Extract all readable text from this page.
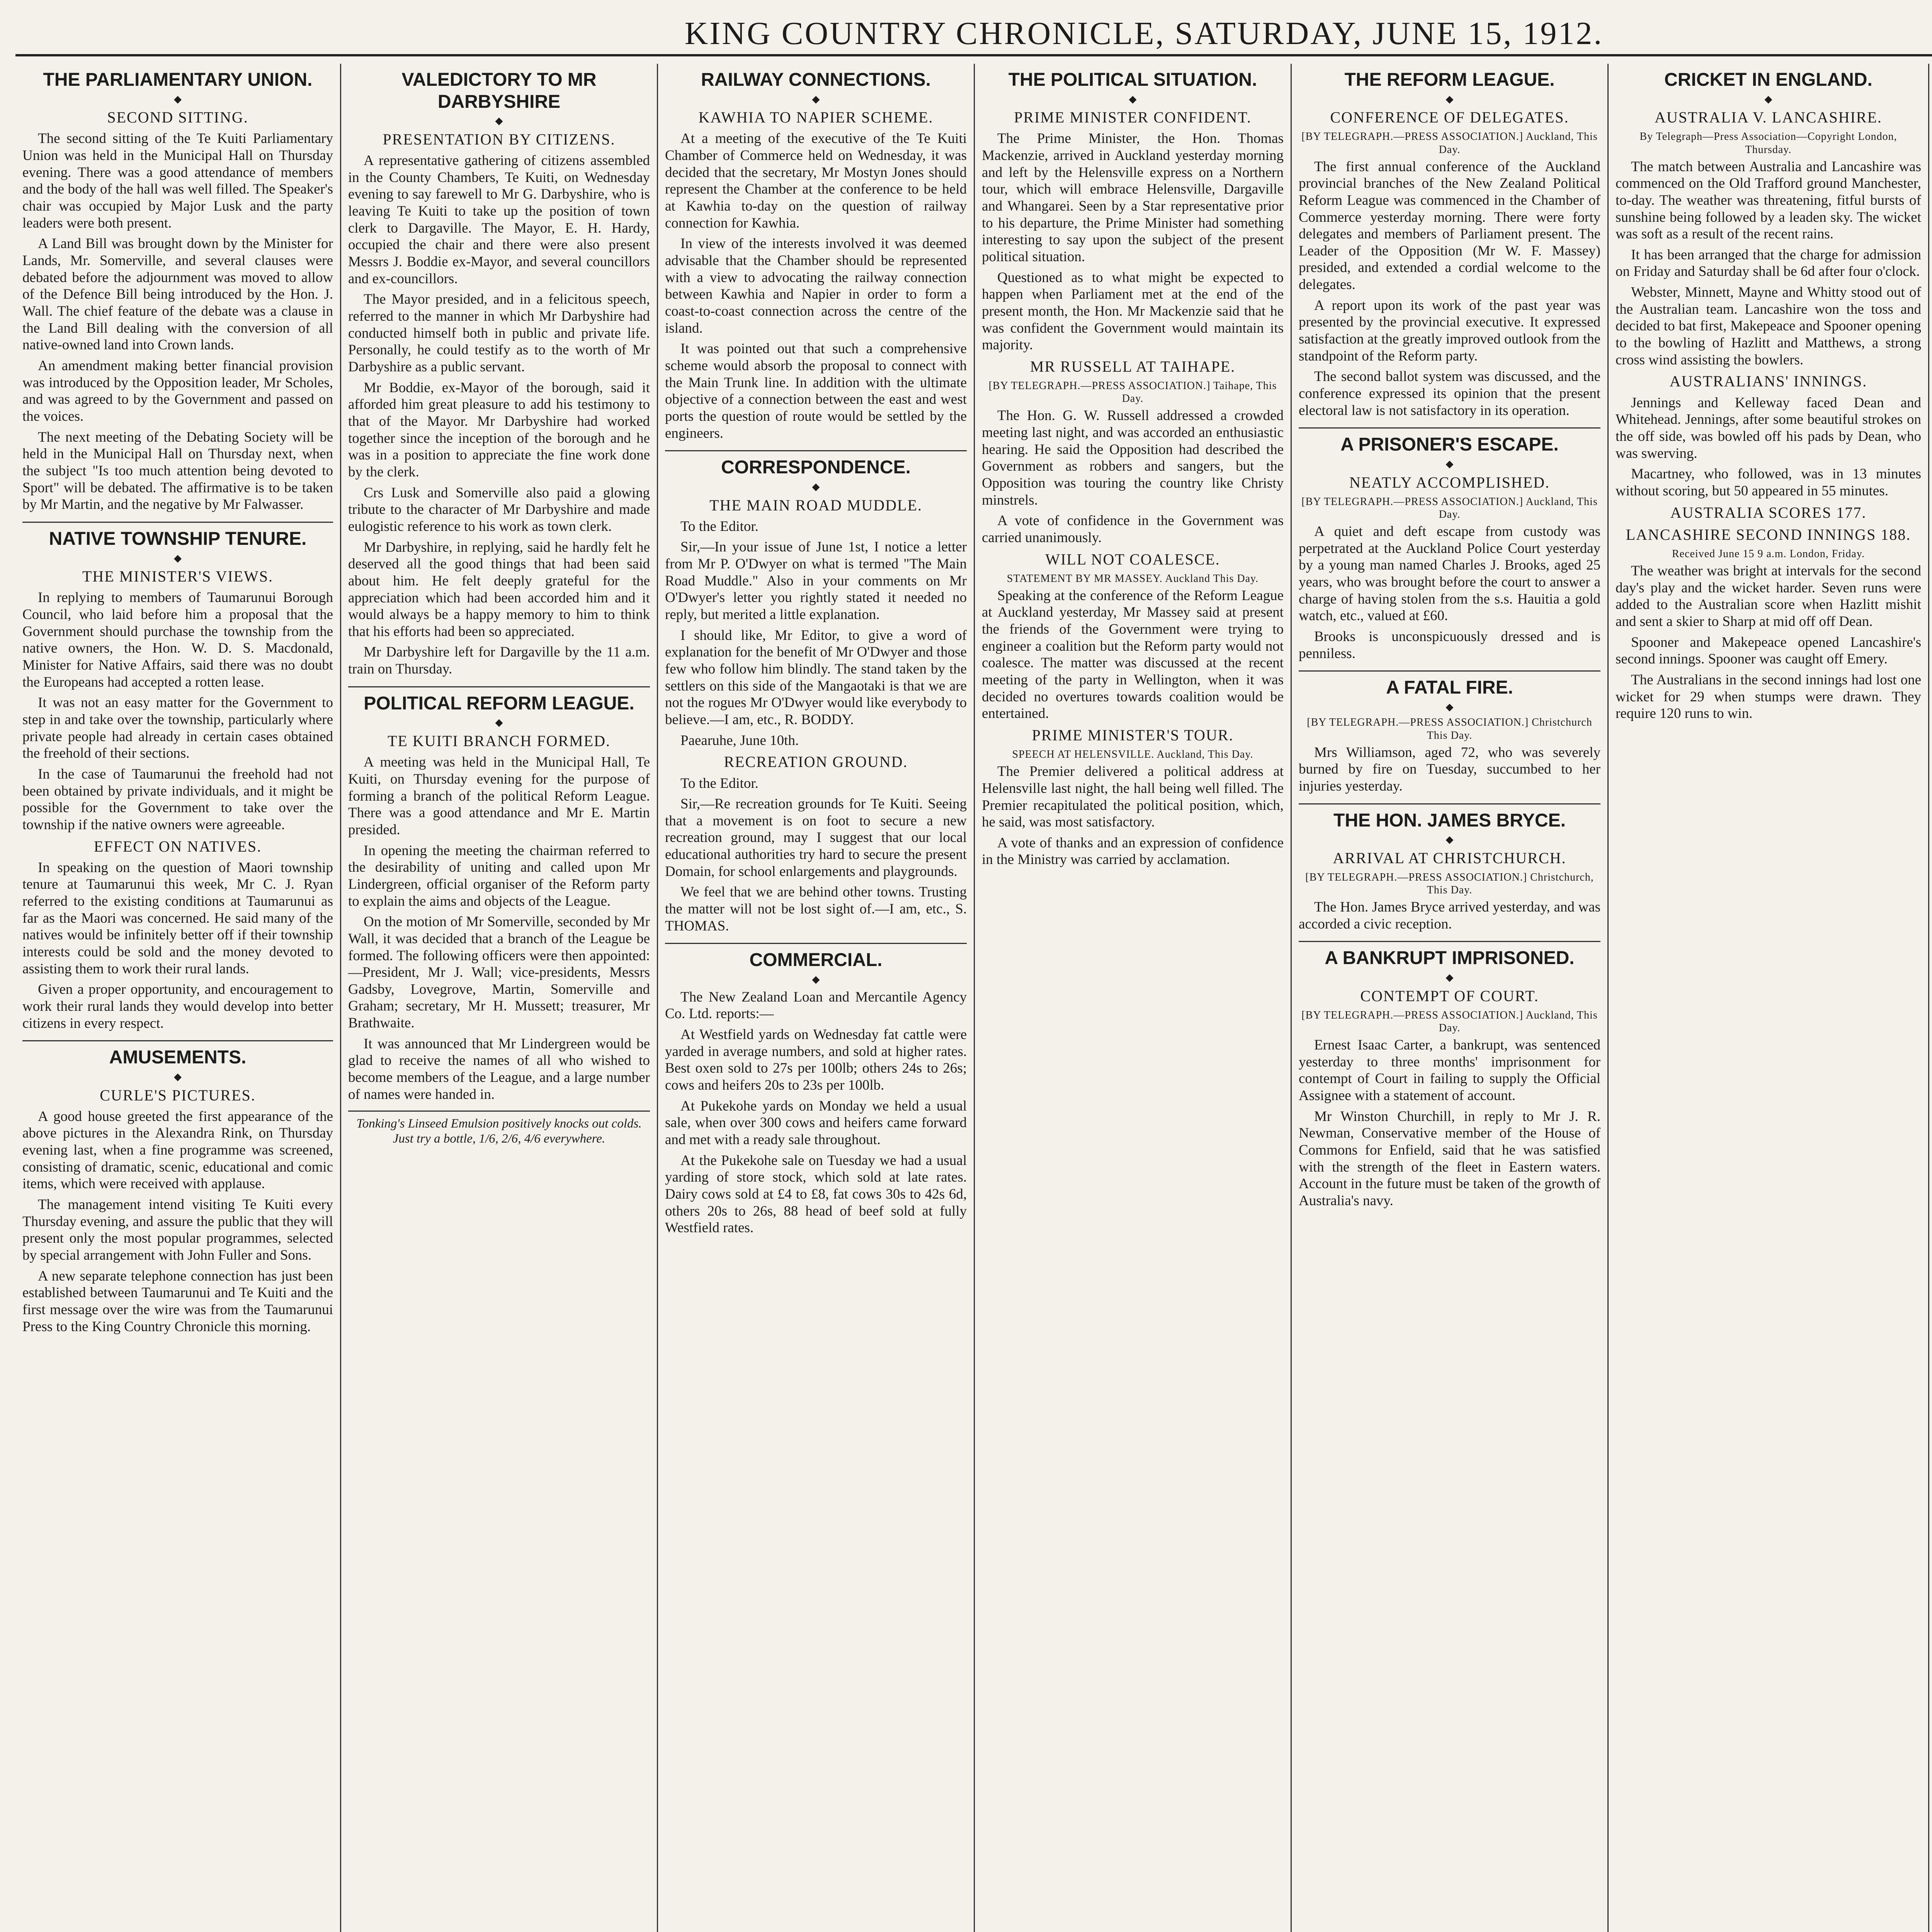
KING COUNTRY CHRONICLE, SATURDAY, JUNE 15, 1912.
THE PARLIAMENTARY UNION.
◆
SECOND SITTING.

The second sitting of the Te Kuiti Parliamentary Union was held in the Municipal Hall on Thursday evening. There was a good attendance of members and the body of the hall was well filled. The Speaker's chair was occupied by Major Lusk and the party leaders were both present.

A Land Bill was brought down by the Minister for Lands, Mr. Somerville, and several clauses were debated before the adjournment was moved to allow of the Defence Bill being introduced by the Hon. J. Wall. The chief feature of the debate was a clause in the Land Bill dealing with the conversion of all native-owned land into Crown lands.

An amendment making better financial provision was introduced by the Opposition leader, Mr Scholes, and was agreed to by the Government and passed on the voices.

The next meeting of the Debating Society will be held in the Municipal Hall on Thursday next, when the subject "Is too much attention being devoted to Sport" will be debated. The affirmative is to be taken by Mr Martin, and the negative by Mr Falwasser.

NATIVE TOWNSHIP TENURE.
◆
THE MINISTER'S VIEWS.

In replying to members of Taumarunui Borough Council, who laid before him a proposal that the Government should purchase the township from the native owners, the Hon. W. D. S. Macdonald, Minister for Native Affairs, said there was no doubt the Europeans had accepted a rotten lease.

It was not an easy matter for the Government to step in and take over the township, particularly where private people had already in certain cases obtained the freehold of their sections.

In the case of Taumarunui the freehold had not been obtained by private individuals, and it might be possible for the Government to take over the township if the native owners were agreeable.

EFFECT ON NATIVES.

In speaking on the question of Maori township tenure at Taumarunui this week, Mr C. J. Ryan referred to the existing conditions at Taumarunui as far as the Maori was concerned. He said many of the natives would be infinitely better off if their township interests could be sold and the money devoted to assisting them to work their rural lands.

Given a proper opportunity, and encouragement to work their rural lands they would develop into better citizens in every respect.

AMUSEMENTS.
◆
CURLE'S PICTURES.

A good house greeted the first appearance of the above pictures in the Alexandra Rink, on Thursday evening last, when a fine programme was screened, consisting of dramatic, scenic, educational and comic items, which were received with applause.

The management intend visiting Te Kuiti every Thursday evening, and assure the public that they will present only the most popular programmes, selected by special arrangement with John Fuller and Sons.

A new separate telephone connection has just been established between Taumarunui and Te Kuiti and the first message over the wire was from the Taumarunui Press to the King Country Chronicle this morning.

VALEDICTORY TO MR DARBYSHIRE
◆
PRESENTATION BY CITIZENS.

A representative gathering of citizens assembled in the County Chambers, Te Kuiti, on Wednesday evening to say farewell to Mr G. Darbyshire, who is leaving Te Kuiti to take up the position of town clerk to Dargaville. The Mayor, E. H. Hardy, occupied the chair and there were also present Messrs J. Boddie ex-Mayor, and several councillors and ex-councillors.

The Mayor presided, and in a felicitous speech, referred to the manner in which Mr Darbyshire had conducted himself both in public and private life. Personally, he could testify as to the worth of Mr Darbyshire as a public servant.

Mr Boddie, ex-Mayor of the borough, said it afforded him great pleasure to add his testimony to that of the Mayor. Mr Darbyshire had worked together since the inception of the borough and he was in a position to appreciate the fine work done by the clerk.

Crs Lusk and Somerville also paid a glowing tribute to the character of Mr Darbyshire and made eulogistic reference to his work as town clerk.

Mr Darbyshire, in replying, said he hardly felt he deserved all the good things that had been said about him. He felt deeply grateful for the appreciation which had been accorded him and it would always be a happy memory to him to think that his efforts had been so appreciated.

Mr Darbyshire left for Dargaville by the 11 a.m. train on Thursday.

POLITICAL REFORM LEAGUE.
◆
TE KUITI BRANCH FORMED.

A meeting was held in the Municipal Hall, Te Kuiti, on Thursday evening for the purpose of forming a branch of the political Reform League. There was a good attendance and Mr E. Martin presided.

In opening the meeting the chairman referred to the desirability of uniting and called upon Mr Lindergreen, official organiser of the Reform party to explain the aims and objects of the League.

On the motion of Mr Somerville, seconded by Mr Wall, it was decided that a branch of the League be formed. The following officers were then appointed:—President, Mr J. Wall; vice-presidents, Messrs Gadsby, Lovegrove, Martin, Somerville and Graham; secretary, Mr H. Mussett; treasurer, Mr Brathwaite.

It was announced that Mr Lindergreen would be glad to receive the names of all who wished to become members of the League, and a large number of names were handed in.

Tonking's Linseed Emulsion positively knocks out colds. Just try a bottle, 1/6, 2/6, 4/6 everywhere.
RAILWAY CONNECTIONS.
◆
KAWHIA TO NAPIER SCHEME.

At a meeting of the executive of the Te Kuiti Chamber of Commerce held on Wednesday, it was decided that the secretary, Mr Mostyn Jones should represent the Chamber at the conference to be held at Kawhia to-day on the question of railway connection for Kawhia.

In view of the interests involved it was deemed advisable that the Chamber should be represented with a view to advocating the railway connection between Kawhia and Napier in order to form a coast-to-coast connection across the centre of the island.

It was pointed out that such a comprehensive scheme would absorb the proposal to connect with the Main Trunk line. In addition with the ultimate objective of a connection between the east and west ports the question of route would be settled by the engineers.

CORRESPONDENCE.
◆
THE MAIN ROAD MUDDLE.

To the Editor.

Sir,—In your issue of June 1st, I notice a letter from Mr P. O'Dwyer on what is termed "The Main Road Muddle." Also in your comments on Mr O'Dwyer's letter you rightly stated it needed no reply, but merited a little explanation.

I should like, Mr Editor, to give a word of explanation for the benefit of Mr O'Dwyer and those few who follow him blindly. The stand taken by the settlers on this side of the Mangaotaki is that we are not the rogues Mr O'Dwyer would like everybody to believe.—I am, etc., R. BODDY.

Paearuhe, June 10th.

RECREATION GROUND.

To the Editor.

Sir,—Re recreation grounds for Te Kuiti. Seeing that a movement is on foot to secure a new recreation ground, may I suggest that our local educational authorities try hard to secure the present Domain, for school enlargements and playgrounds.

We feel that we are behind other towns. Trusting the matter will not be lost sight of.—I am, etc., S. THOMAS.

COMMERCIAL.
◆

The New Zealand Loan and Mercantile Agency Co. Ltd. reports:—

At Westfield yards on Wednesday fat cattle were yarded in average numbers, and sold at higher rates. Best oxen sold to 27s per 100lb; others 24s to 26s; cows and heifers 20s to 23s per 100lb.

At Pukekohe yards on Monday we held a usual sale, when over 300 cows and heifers came forward and met with a ready sale throughout.

At the Pukekohe sale on Tuesday we had a usual yarding of store stock, which sold at late rates. Dairy cows sold at £4 to £8, fat cows 30s to 42s 6d, others 20s to 26s, 88 head of beef sold at fully Westfield rates.

THE POLITICAL SITUATION.
◆
PRIME MINISTER CONFIDENT.

The Prime Minister, the Hon. Thomas Mackenzie, arrived in Auckland yesterday morning and left by the Helensville express on a Northern tour, which will embrace Helensville, Dargaville and Whangarei. Seen by a Star representative prior to his departure, the Prime Minister had something interesting to say upon the subject of the present political situation.

Questioned as to what might be expected to happen when Parliament met at the end of the present month, the Hon. Mr Mackenzie said that he was confident the Government would maintain its majority.

MR RUSSELL AT TAIHAPE.
[BY TELEGRAPH.—PRESS ASSOCIATION.] Taihape, This Day.

The Hon. G. W. Russell addressed a crowded meeting last night, and was accorded an enthusiastic hearing. He said the Opposition had described the Government as robbers and sangers, but the Opposition was touring the country like Christy minstrels.

A vote of confidence in the Government was carried unanimously.

WILL NOT COALESCE.
STATEMENT BY MR MASSEY. Auckland This Day.

Speaking at the conference of the Reform League at Auckland yesterday, Mr Massey said at present the friends of the Government were trying to engineer a coalition but the Reform party would not coalesce. The matter was discussed at the recent meeting of the party in Wellington, when it was decided no overtures towards coalition would be entertained.

PRIME MINISTER'S TOUR.
SPEECH AT HELENSVILLE. Auckland, This Day.

The Premier delivered a political address at Helensville last night, the hall being well filled. The Premier recapitulated the political position, which, he said, was most satisfactory.

A vote of thanks and an expression of confidence in the Ministry was carried by acclamation.

THE REFORM LEAGUE.
◆
CONFERENCE OF DELEGATES.
[BY TELEGRAPH.—PRESS ASSOCIATION.] Auckland, This Day.

The first annual conference of the Auckland provincial branches of the New Zealand Political Reform League was commenced in the Chamber of Commerce yesterday morning. There were forty delegates and members of Parliament present. The Leader of the Opposition (Mr W. F. Massey) presided, and extended a cordial welcome to the delegates.

A report upon its work of the past year was presented by the provincial executive. It expressed satisfaction at the greatly improved outlook from the standpoint of the Reform party.

The second ballot system was discussed, and the conference expressed its opinion that the present electoral law is not satisfactory in its operation.

A PRISONER'S ESCAPE.
◆
NEATLY ACCOMPLISHED.
[BY TELEGRAPH.—PRESS ASSOCIATION.] Auckland, This Day.

A quiet and deft escape from custody was perpetrated at the Auckland Police Court yesterday by a young man named Charles J. Brooks, aged 25 years, who was brought before the court to answer a charge of having stolen from the s.s. Hauitia a gold watch, etc., valued at £60.

Brooks is unconspicuously dressed and is penniless.

A FATAL FIRE.
◆
[BY TELEGRAPH.—PRESS ASSOCIATION.] Christchurch This Day.

Mrs Williamson, aged 72, who was severely burned by fire on Tuesday, succumbed to her injuries yesterday.

THE HON. JAMES BRYCE.
◆
ARRIVAL AT CHRISTCHURCH.
[BY TELEGRAPH.—PRESS ASSOCIATION.] Christchurch, This Day.

The Hon. James Bryce arrived yesterday, and was accorded a civic reception.

A BANKRUPT IMPRISONED.
◆
CONTEMPT OF COURT.
[BY TELEGRAPH.—PRESS ASSOCIATION.] Auckland, This Day.

Ernest Isaac Carter, a bankrupt, was sentenced yesterday to three months' imprisonment for contempt of Court in failing to supply the Official Assignee with a statement of account.

Mr Winston Churchill, in reply to Mr J. R. Newman, Conservative member of the House of Commons for Enfield, said that he was satisfied with the strength of the fleet in Eastern waters. Account in the future must be taken of the growth of Australia's navy.

CRICKET IN ENGLAND.
◆
AUSTRALIA V. LANCASHIRE.
By Telegraph—Press Association—Copyright London, Thursday.

The match between Australia and Lancashire was commenced on the Old Trafford ground Manchester, to-day. The weather was threatening, fitful bursts of sunshine being followed by a leaden sky. The wicket was soft as a result of the recent rains.

It has been arranged that the charge for admission on Friday and Saturday shall be 6d after four o'clock.

Webster, Minnett, Mayne and Whitty stood out of the Australian team. Lancashire won the toss and decided to bat first, Makepeace and Spooner opening to the bowling of Hazlitt and Matthews, a strong cross wind assisting the bowlers.

AUSTRALIANS' INNINGS.

Jennings and Kelleway faced Dean and Whitehead. Jennings, after some beautiful strokes on the off side, was bowled off his pads by Dean, who was swerving.

Macartney, who followed, was in 13 minutes without scoring, but 50 appeared in 55 minutes.

AUSTRALIA SCORES 177.
LANCASHIRE SECOND INNINGS 188.
Received June 15 9 a.m. London, Friday.

The weather was bright at intervals for the second day's play and the wicket harder. Seven runs were added to the Australian score when Hazlitt mishit and sent a skier to Sharp at mid off off Dean.

Spooner and Makepeace opened Lancashire's second innings. Spooner was caught off Emery.

The Australians in the second innings had lost one wicket for 29 when stumps were drawn. They require 120 runs to win.
